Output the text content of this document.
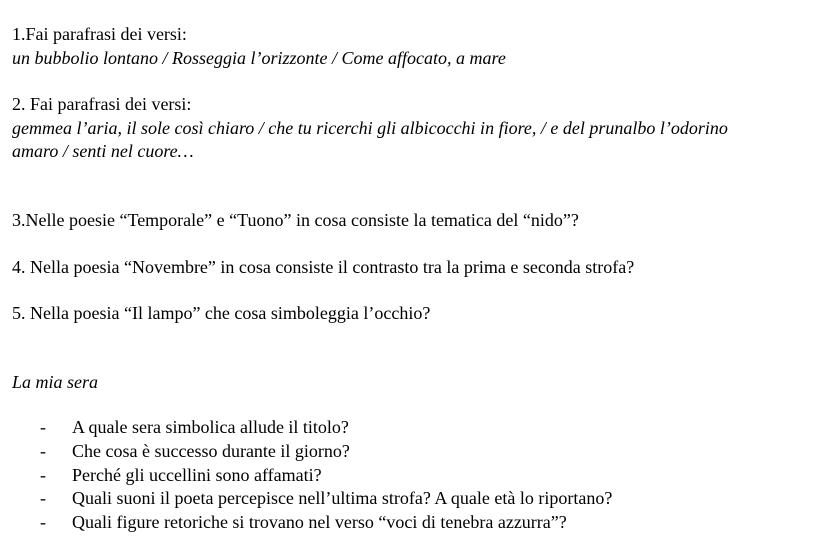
1.Fai parafrasi dei versi:
un bubbolio lontano / Rosseggia l’orizzonte / Come affocato, a mare
2. Fai parafrasi dei versi:
gemmea l’aria, il sole così chiaro / che tu ricerchi gli albicocchi in fiore, / e del prunalbo l’odorino
amaro / senti nel cuore…
3.Nelle poesie “Temporale” e “Tuono” in cosa consiste la tematica del “nido”?
4. Nella poesia “Novembre” in cosa consiste il contrasto tra la prima e seconda strofa?
5. Nella poesia “Il lampo” che cosa simboleggia l’occhio?
La mia sera
- A quale sera simbolica allude il titolo?
- Che cosa è successo durante il giorno?
- Perché gli uccellini sono affamati?
- Quali suoni il poeta percepisce nell’ultima strofa? A quale età lo riportano?
- Quali figure retoriche si trovano nel verso “voci di tenebra azzurra”?
